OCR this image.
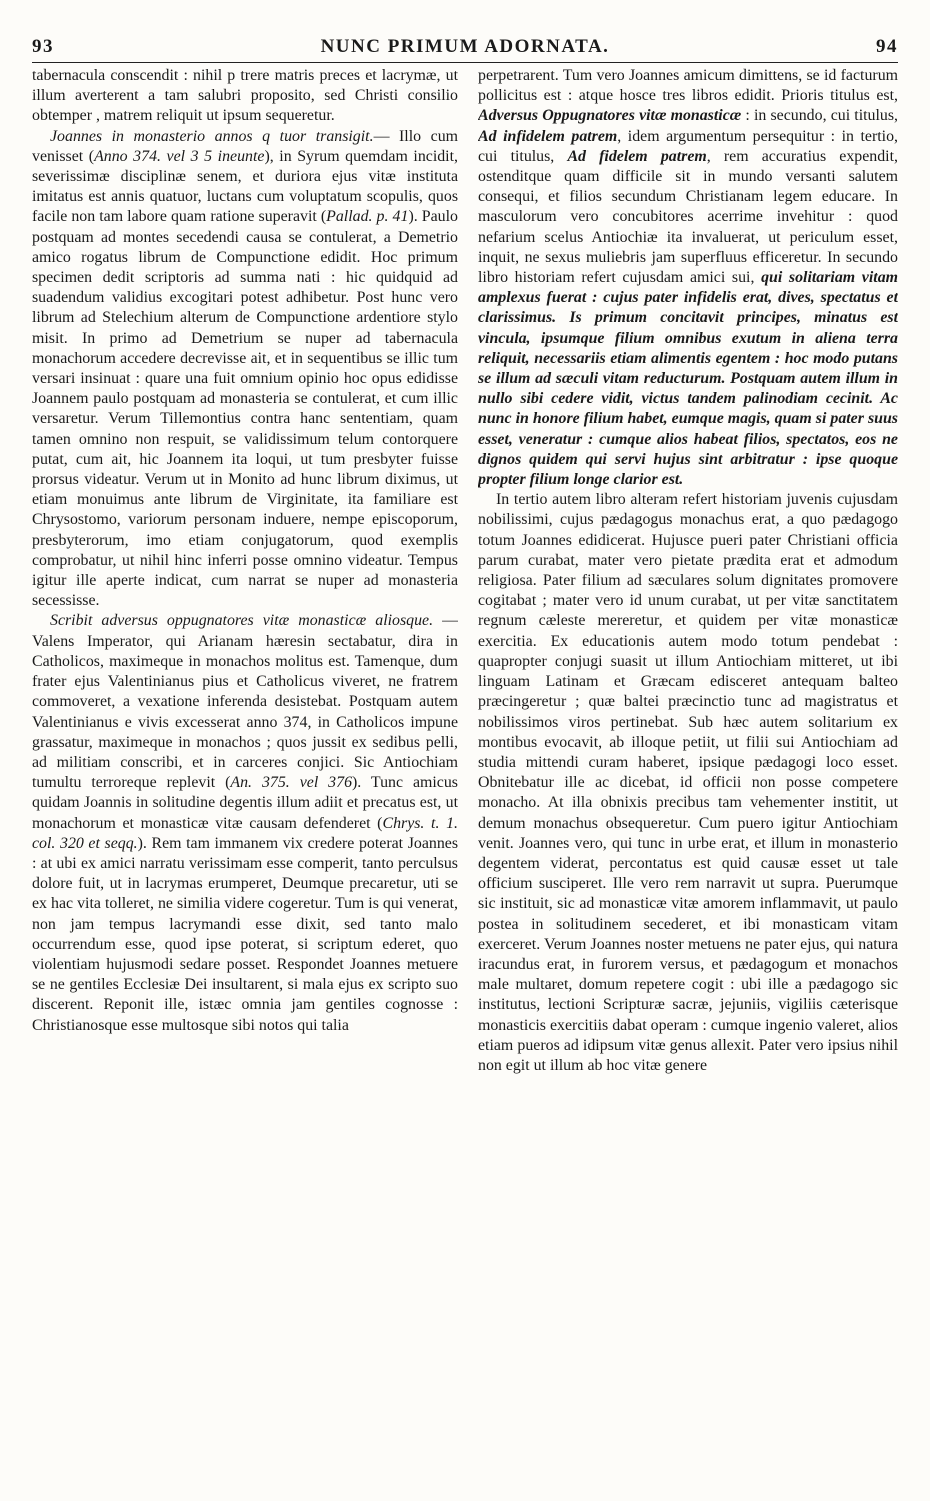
93	NUNC PRIMUM ADORNATA.	94

tabernacula conscendit : nihil p trere matris preces et lacrymæ, ut illum averterent a tam salubri proposito, sed Christi consilio obtemper , matrem reliquit ut ipsum sequeretur.

Joannes in monasterio annos q tuor transigit.— Illo cum venisset (Anno 374. vel 3 5 ineunte), in Syrum quemdam incidit, severissimæ disciplinæ senem, et duriora ejus vitæ instituta imitatus est annis quatuor, luctans cum voluptatum scopulis, quos facile non tam labore quam ratione superavit (Pallad. p. 41). Paulo postquam ad montes secedendi causa se contulerat, a Demetrio amico rogatus librum de Compunctione edidit. Hoc primum specimen dedit scriptoris ad summa nati : hic quidquid ad suadendum validius excogitari potest adhibetur. Post hunc vero librum ad Stelechium alterum de Compunctione ardentiore stylo misit. In primo ad Demetrium se nuper ad tabernacula monachorum accedere decrevisse ait, et in sequentibus se illic tum versari insinuat : quare una fuit omnium opinio hoc opus edidisse Joannem paulo postquam ad monasteria se contulerat, et cum illic versaretur. Verum Tillemontius contra hanc sententiam, quam tamen omnino non respuit, se validissimum telum contorquere putat, cum ait, hic Joannem ita loqui, ut tum presbyter fuisse prorsus videatur. Verum ut in Monito ad hunc librum diximus, ut etiam monuimus ante librum de Virginitate, ita familiare est Chrysostomo, variorum personam induere, nempe episcoporum, presbyterorum, imo etiam conjugatorum, quod exemplis comprobatur, ut nihil hinc inferri posse omnino videatur. Tempus igitur ille aperte indicat, cum narrat se nuper ad monasteria secessisse.

Scribit adversus oppugnatores vitæ monasticæ aliosque. — Valens Imperator, qui Arianam hæresin sectabatur, dira in Catholicos, maximeque in monachos molitus est. Tamenque, dum frater ejus Valentinianus pius et Catholicus viveret, ne fratrem commoveret, a vexatione inferenda desistebat. Postquam autem Valentinianus e vivis excesserat anno 374, in Catholicos impune grassatur, maximeque in monachos ; quos jussit ex sedibus pelli, ad militiam conscribi, et in carceres conjici. Sic Antiochiam tumultu terroreque replevit (An. 375. vel 376). Tunc amicus quidam Joannis in solitudine degentis illum adiit et precatus est, ut monachorum et monasticæ vitæ causam defenderet (Chrys. t. 1. col. 320 et seqq.). Rem tam immanem vix credere poterat Joannes : at ubi ex amici narratu verissimam esse comperit, tanto perculsus dolore fuit, ut in lacrymas erumperet, Deumque precaretur, uti se ex hac vita tolleret, ne similia videre cogeretur. Tum is qui venerat, non jam tempus lacrymandi esse dixit, sed tanto malo occurrendum esse, quod ipse poterat, si scriptum ederet, quo violentiam hujusmodi sedare posset. Respondet Joannes metuere se ne gentiles Ecclesiæ Dei insultarent, si mala ejus ex scripto suo discerent. Reponit ille, istæc omnia jam gentiles cognosse : Christianosque esse multosque sibi notos qui talia

perpetrarent. Tum vero Joannes amicum dimittens, se id facturum pollicitus est : atque hosce tres libros edidit. Prioris titulus est, Adversus Oppugnatores vitæ monasticæ : in secundo, cui titulus, Ad infidelem patrem, idem argumentum persequitur : in tertio, cui titulus, Ad fidelem patrem, rem accuratius expendit, ostenditque quam difficile sit in mundo versanti salutem consequi, et filios secundum Christianam legem educare. In masculorum vero concubitores acerrime invehitur : quod nefarium scelus Antiochiæ ita invaluerat, ut periculum esset, inquit, ne sexus muliebris jam superfluus efficeretur. In secundo libro historiam refert cujusdam amici sui, qui solitariam vitam amplexus fuerat : cujus pater infidelis erat, dives, spectatus et clarissimus. Is primum concitavit principes, minatus est vincula, ipsumque filium omnibus exutum in aliena terra reliquit, necessariis etiam alimentis egentem : hoc modo putans se illum ad sæculi vitam reducturum. Postquam autem illum in nullo sibi cedere vidit, victus tandem palinodiam cecinit. Ac nunc in honore filium habet, eumque magis, quam si pater suus esset, veneratur : cumque alios habeat filios, spectatos, eos ne dignos quidem qui servi hujus sint arbitratur : ipse quoque propter filium longe clarior est.

In tertio autem libro alteram refert historiam juvenis cujusdam nobilissimi, cujus pædagogus monachus erat, a quo pædagogo totum Joannes edidicerat. Hujusce pueri pater Christiani officia parum curabat, mater vero pietate prædita erat et admodum religiosa. Pater filium ad sæculares solum dignitates promovere cogitabat ; mater vero id unum curabat, ut per vitæ sanctitatem regnum cæleste mereretur, et quidem per vitæ monasticæ exercitia. Ex educationis autem modo totum pendebat : quapropter conjugi suasit ut illum Antiochiam mitteret, ut ibi linguam Latinam et Græcam edisceret antequam balteo præcingeretur ; quæ baltei præcinctio tunc ad magistratus et nobilissimos viros pertinebat. Sub hæc autem solitarium ex montibus evocavit, ab illoque petiit, ut filii sui Antiochiam ad studia mittendi curam haberet, ipsique pædagogi loco esset. Obnitebatur ille ac dicebat, id officii non posse competere monacho. At illa obnixis precibus tam vehementer institit, ut demum monachus obsequeretur. Cum puero igitur Antiochiam venit. Joannes vero, qui tunc in urbe erat, et illum in monasterio degentem viderat, percontatus est quid causæ esset ut tale officium susciperet. Ille vero rem narravit ut supra. Puerumque sic instituit, sic ad monasticæ vitæ amorem inflammavit, ut paulo postea in solitudinem secederet, et ibi monasticam vitam exerceret. Verum Joannes noster metuens ne pater ejus, qui natura iracundus erat, in furorem versus, et pædagogum et monachos male multaret, domum repetere cogit : ubi ille a pædagogo sic institutus, lectioni Scripturæ sacræ, jejuniis, vigiliis cæterisque monasticis exercitiis dabat operam : cumque ingenio valeret, alios etiam pueros ad idipsum vitæ genus allexit. Pater vero ipsius nihil non egit ut illum ab hoc vitæ genere
